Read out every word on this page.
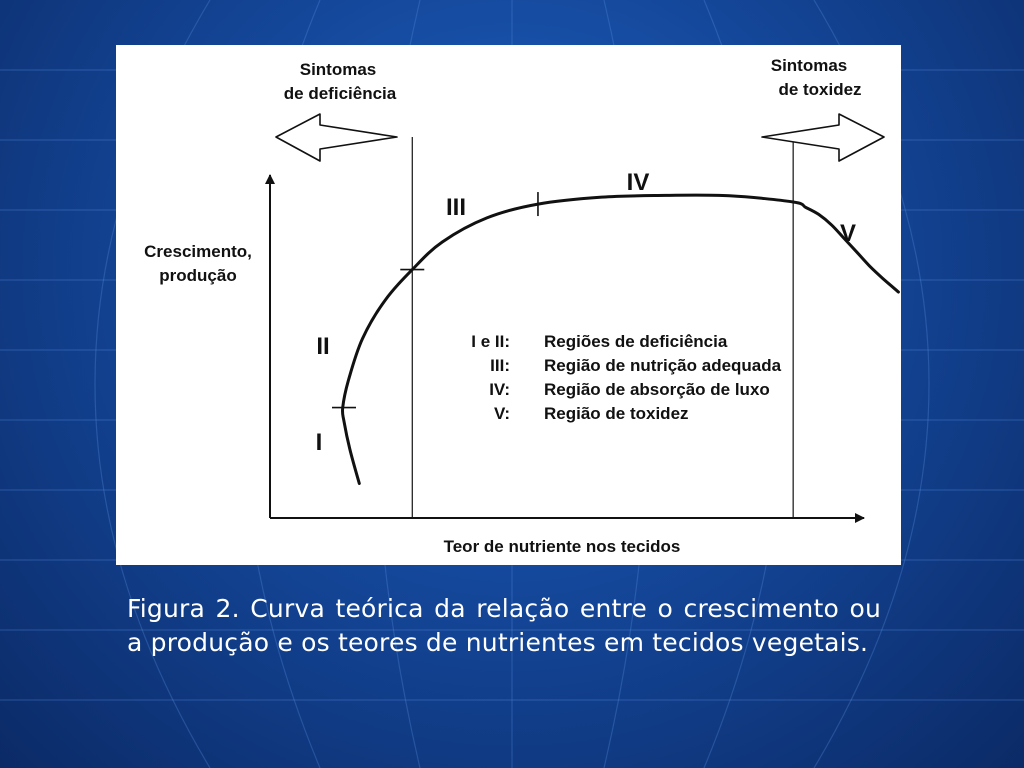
Sintomas
de deficiência
Sintomas
de toxidez
Crescimento,
produção
Teor de nutriente nos tecidos
I
II
III
IV
V
I e II: Regiões de deficiência
III: Região de nutrição adequada
IV: Região de absorção de luxo
V: Região de toxidez
Figura 2. Curva teórica da relação entre o crescimento ou a produção e os teores de nutrientes em tecidos vegetais.
